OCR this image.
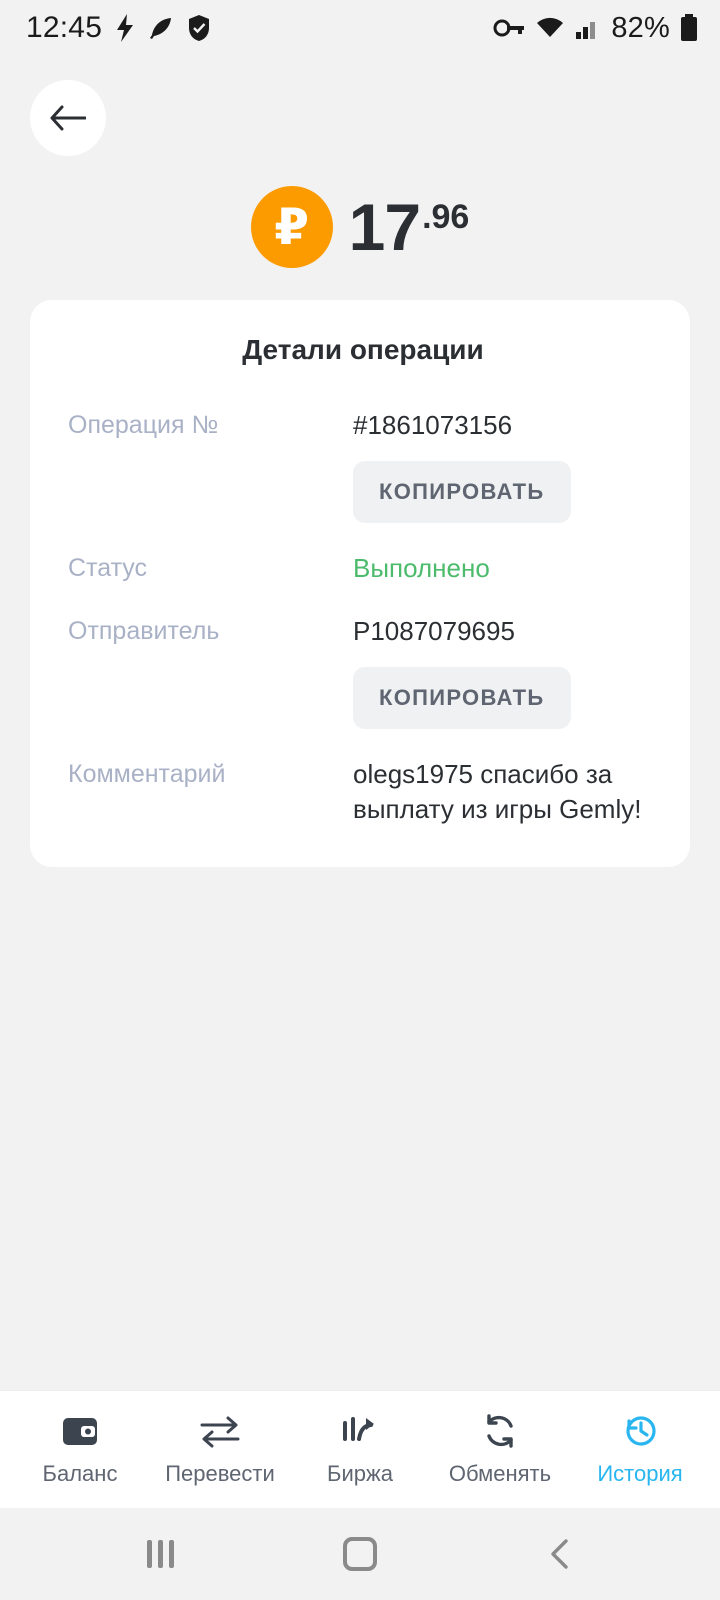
12:45	82%
₽ 17 .96
Детали операции
Операция №	#1861073156
КОПИРОВАТЬ
Статус	Выполнено
Отправитель	P1087079695
КОПИРОВАТЬ
Комментарий	olegs1975 спасибо за выплату из игры Gemly!
Баланс Перевести Биржа	Обменять История
